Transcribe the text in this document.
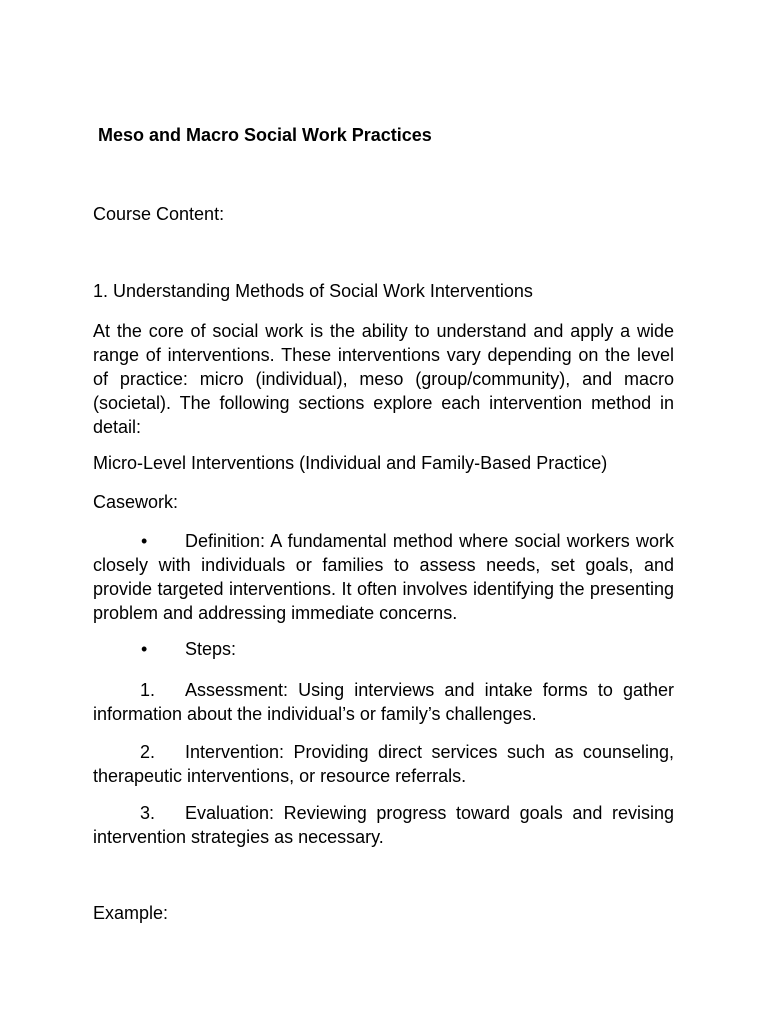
Meso and Macro Social Work Practices
Course Content:
1. Understanding Methods of Social Work Interventions
At the core of social work is the ability to understand and apply a wide range of interventions. These interventions vary depending on the level of practice: micro (individual), meso (group/community), and macro (societal). The following sections explore each intervention method in detail:
Micro-Level Interventions (Individual and Family-Based Practice)
Casework:
•	Definition: A fundamental method where social workers work closely with individuals or families to assess needs, set goals, and provide targeted interventions. It often involves identifying the presenting problem and addressing immediate concerns.
• Steps:
1.	Assessment: Using interviews and intake forms to gather information about the individual’s or family’s challenges.
2.	Intervention: Providing direct services such as counseling, therapeutic interventions, or resource referrals.
3.	Evaluation: Reviewing progress toward goals and revising intervention strategies as necessary.
Example:
